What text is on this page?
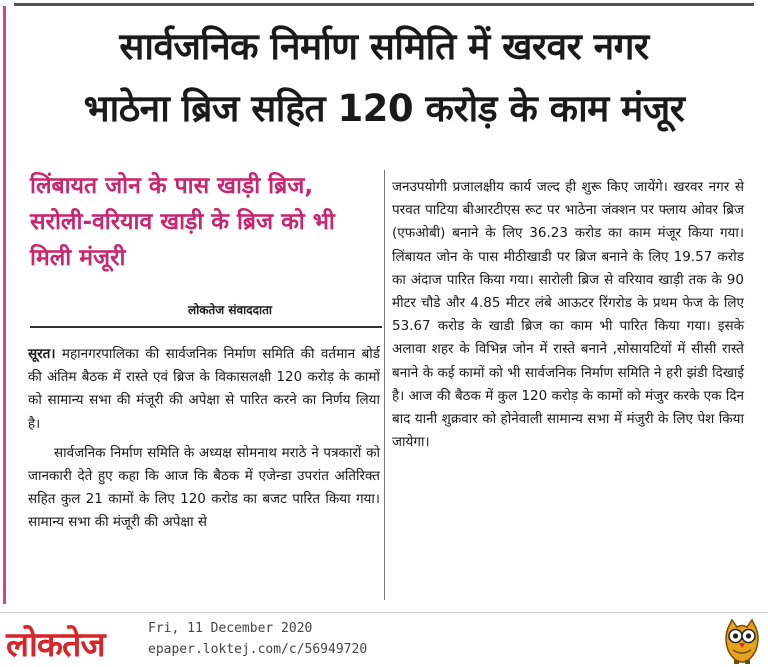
सार्वजनिक निर्माण समिति में खरवर नगर
भाठेना ब्रिज सहित 120 करोड़ के काम मंजूर
लिंबायत जोन के पास खाड़ी ब्रिज, सरोली-वरियाव खाड़ी के ब्रिज को भी मिली मंजूरी
लोकतेज संवाददाता

सूरत। महानगरपालिका की सार्वजनिक निर्माण समिति की वर्तमान बोर्ड की अंतिम बैठक में रास्ते एवं ब्रिज के विकासलक्षी 120 करोड़ के कामों को सामान्य सभा की मंजूरी की अपेक्षा से पारित करने का निर्णय लिया है।

सार्वजनिक निर्माण समिति के अध्यक्ष सोमनाथ मराठे ने पत्रकारों को जानकारी देते हुए कहा कि आज कि बैठक में एजेन्डा उपरांत अतिरिक्त सहित कुल 21 कामों के लिए 120 करोड का बजट पारित किया गया। सामान्य सभा की मंजूरी की अपेक्षा से

जनउपयोगी प्रजालक्षीय कार्य जल्द ही शुरू किए जायेंगे। खरवर नगर से परवत पाटिया बीआरटीएस रूट पर भाठेना जंक्शन पर फ्लाय ओवर ब्रिज (एफओबी) बनाने के लिए 36.23 करोड का काम मंजूर किया गया। लिंबायत जोन के पास मीठीखाडी पर ब्रिज बनाने के लिए 19.57 करोड का अंदाज पारित किया गया। सारोली ब्रिज से वरियाव खाड़ी तक के 90 मीटर चौडे और 4.85 मीटर लंबे आऊटर रिंगरोड के प्रथम फेज के लिए 53.67 करोड के खाडी ब्रिज का काम भी पारित किया गया। इसके अलावा शहर के विभिन्न जोन में रास्ते बनाने ,सोसायटियों में सीसी रास्ते बनाने के कई कामों को भी सार्वजनिक निर्माण समिति ने हरी झंडी दिखाई है। आज की बैठक में कुल 120 करोड़ के कामों को मंजुर करके एक दिन बाद यानी शुक्रवार को होनेवाली सामान्य सभा में मंजुरी के लिए पेश किया जायेगा।

लोकतेज	Fri, 11 December 2020
epaper.loktej.com/c/56949720
